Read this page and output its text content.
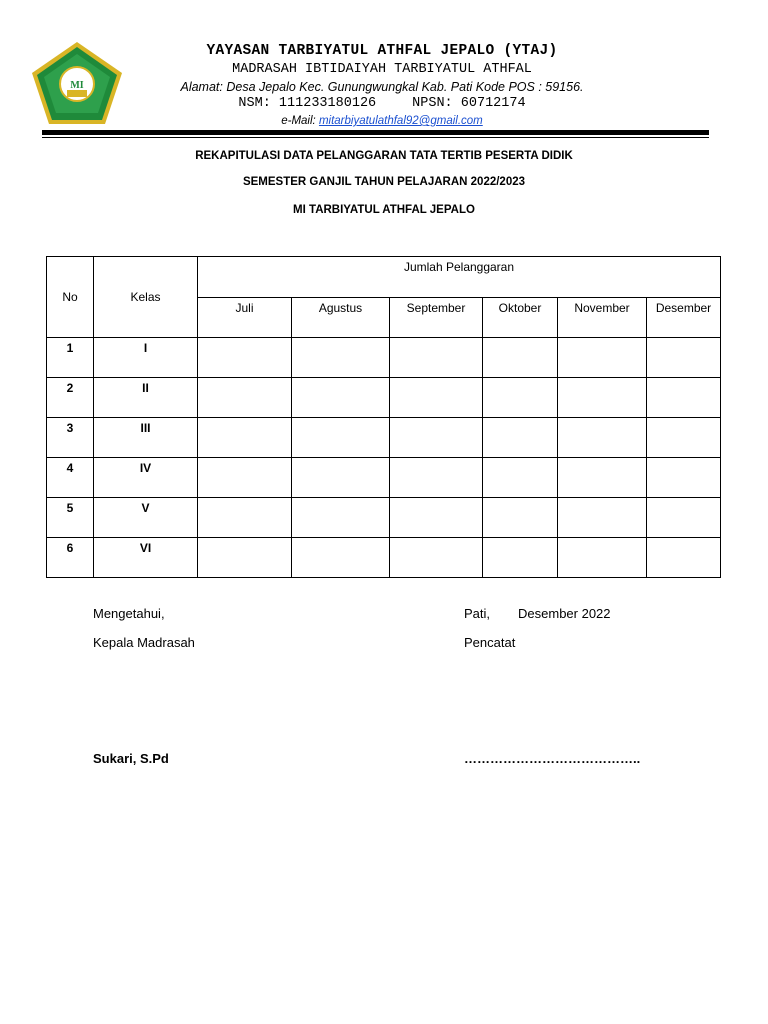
MI
YAYASAN TARBIYATUL ATHFAL JEPALO (YTAJ)
MADRASAH IBTIDAIYAH TARBIYATUL ATHFAL
Alamat: Desa Jepalo Kec. Gunungwungkal Kab. Pati Kode POS : 59156.
NSM: 111233180126	NPSN: 60712174
e-Mail: mitarbiyatulathfal92@gmail.com
REKAPITULASI DATA PELANGGARAN TATA TERTIB PESERTA DIDIK
SEMESTER GANJIL TAHUN PELAJARAN 2022/2023
MI TARBIYATUL ATHFAL JEPALO
No	Kelas	Jumlah Pelanggaran					
		Juli	Agustus	September	Oktober	November	Desember
1	I						
2	II						
3	III						
4	IV						
5	V						
6	VI						
Mengetahui,
Kepala Madrasah
Sukari, S.Pd
Pati, Desember 2022
Pencatat
…………………………………..
